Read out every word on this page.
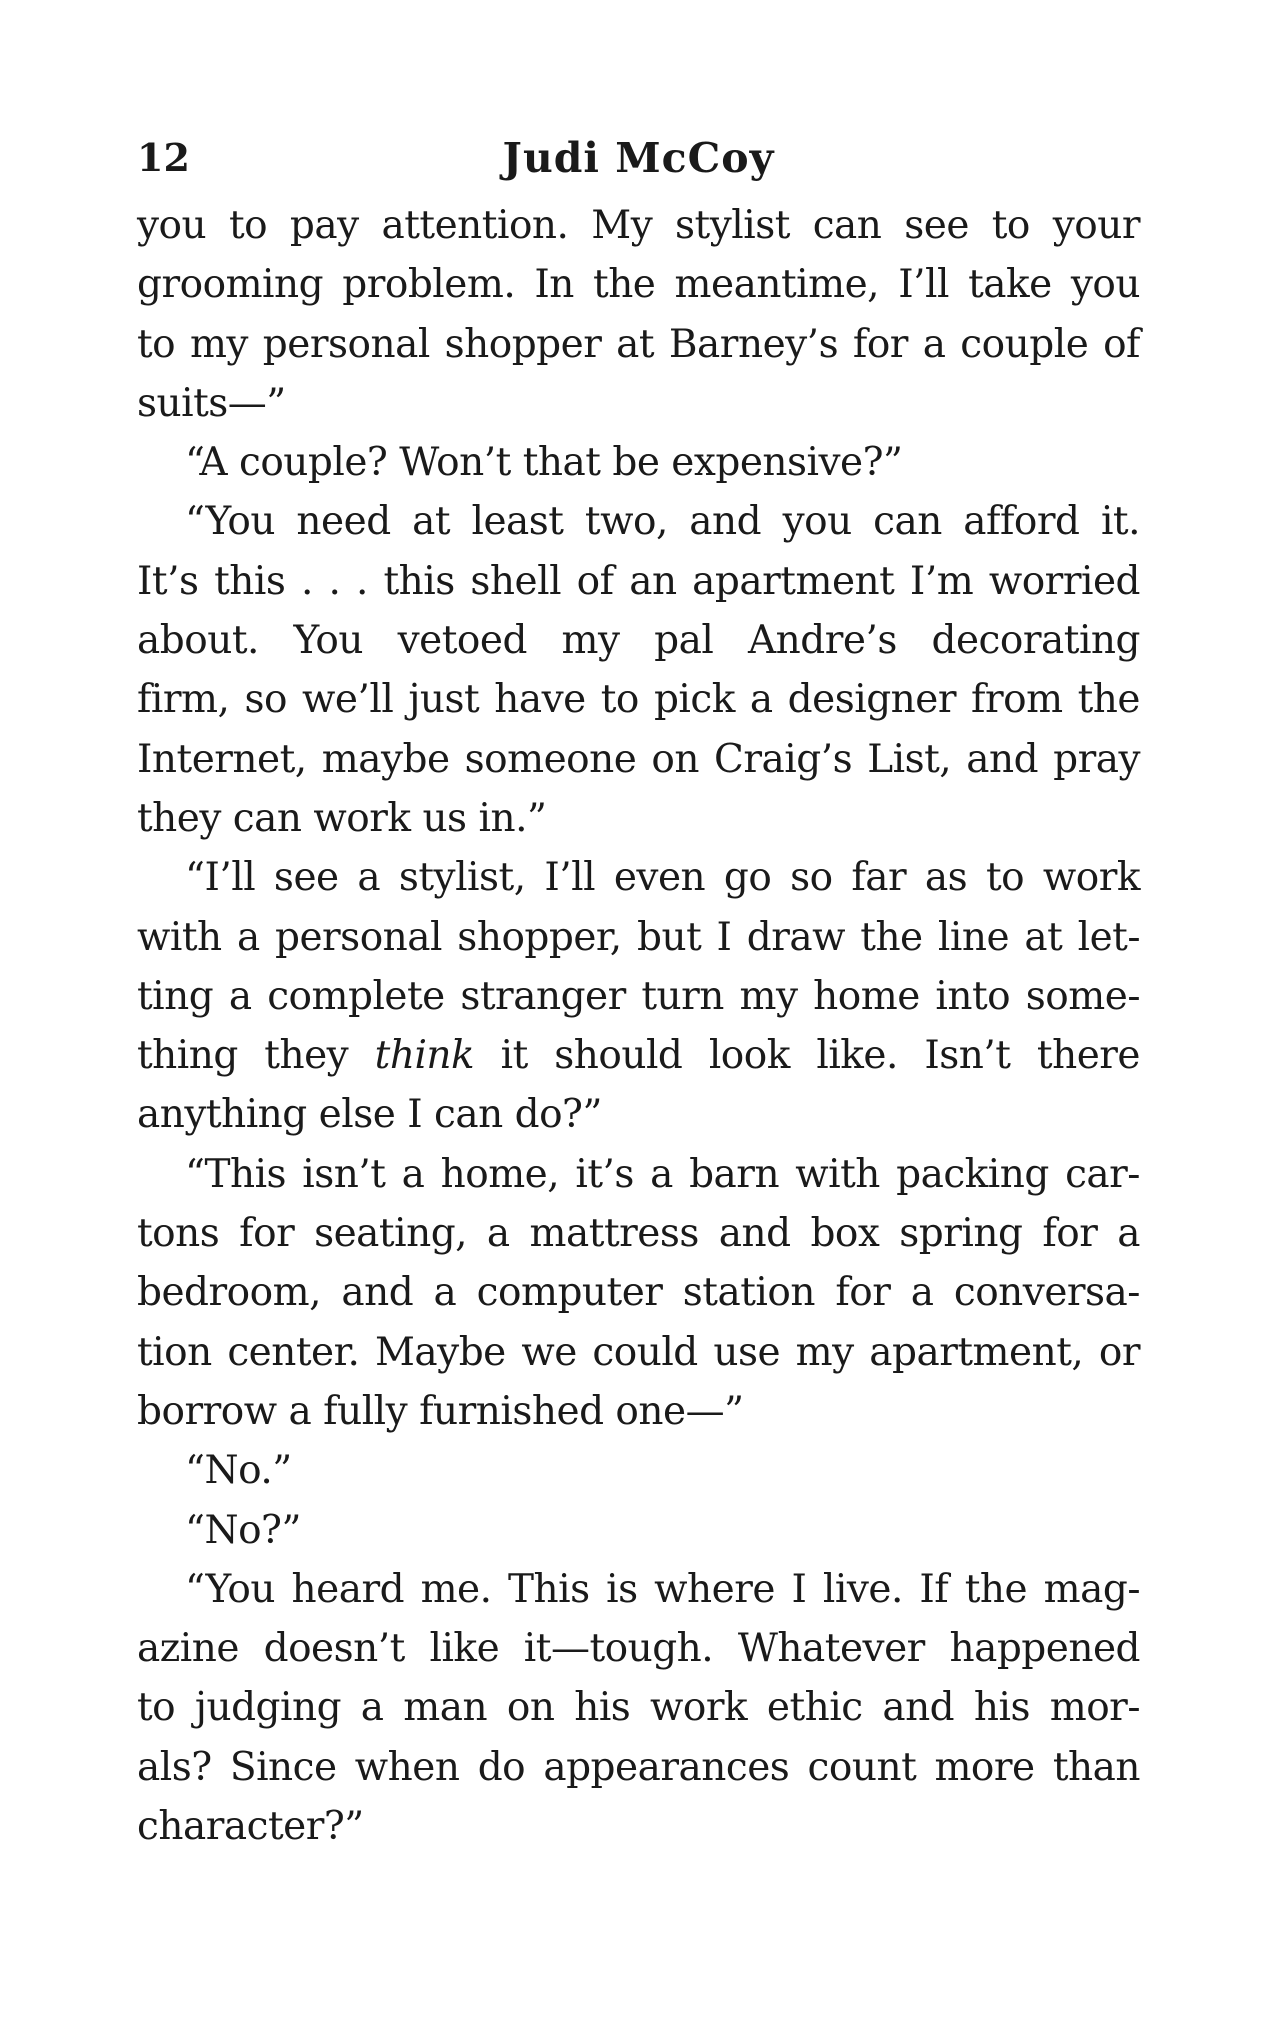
12	Judi McCoy
you to pay attention. My stylist can see to your
grooming problem. In the meantime, I’ll take you
to my personal shopper at Barney’s for a couple of
suits—”
“A couple? Won’t that be expensive?”
“You need at least two, and you can afford it.
It’s this . . . this shell of an apartment I’m worried
about. You vetoed my pal Andre’s decorating
firm, so we’ll just have to pick a designer from the
Internet, maybe someone on Craig’s List, and pray
they can work us in.”
“I’ll see a stylist, I’ll even go so far as to work
with a personal shopper, but I draw the line at let-
ting a complete stranger turn my home into some-
thing they think it should look like. Isn’t there
anything else I can do?”
“This isn’t a home, it’s a barn with packing car-
tons for seating, a mattress and box spring for a
bedroom, and a computer station for a conversa-
tion center. Maybe we could use my apartment, or
borrow a fully furnished one—”
“No.”
“No?”
“You heard me. This is where I live. If the mag-
azine doesn’t like it—tough. Whatever happened
to judging a man on his work ethic and his mor-
als? Since when do appearances count more than
character?”
